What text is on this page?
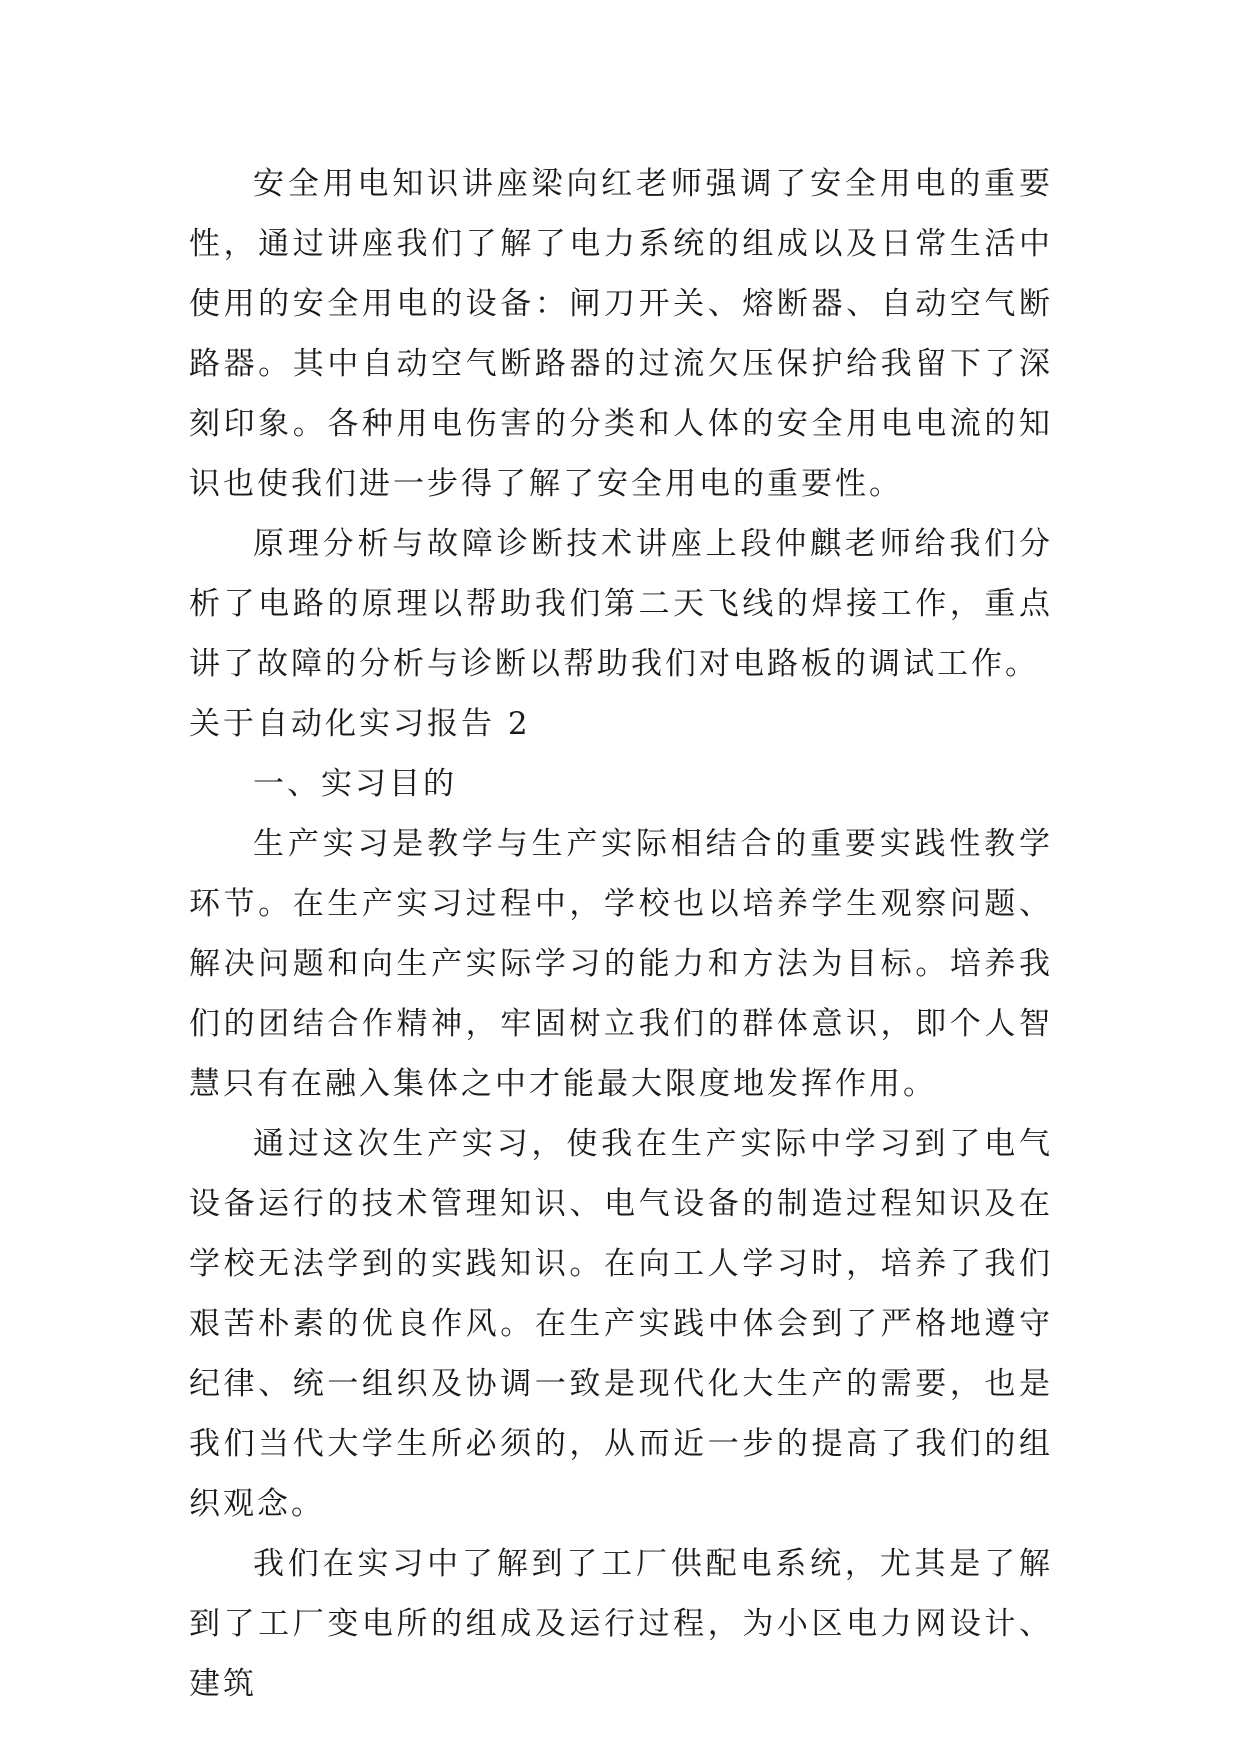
安全用电知识讲座梁向红老师强调了安全用电的重要性，通过讲座我们了解了电力系统的组成以及日常生活中使用的安全用电的设备：闸刀开关、熔断器、自动空气断路器。其中自动空气断路器的过流欠压保护给我留下了深刻印象。各种用电伤害的分类和人体的安全用电电流的知识也使我们进一步得了解了安全用电的重要性。

原理分析与故障诊断技术讲座上段仲麒老师给我们分析了电路的原理以帮助我们第二天飞线的焊接工作，重点讲了故障的分析与诊断以帮助我们对电路板的调试工作。

关于自动化实习报告 2

一、实习目的

生产实习是教学与生产实际相结合的重要实践性教学环节。在生产实习过程中，学校也以培养学生观察问题、解决问题和向生产实际学习的能力和方法为目标。培养我们的团结合作精神，牢固树立我们的群体意识，即个人智慧只有在融入集体之中才能最大限度地发挥作用。

通过这次生产实习，使我在生产实际中学习到了电气设备运行的技术管理知识、电气设备的制造过程知识及在学校无法学到的实践知识。在向工人学习时，培养了我们艰苦朴素的优良作风。在生产实践中体会到了严格地遵守纪律、统一组织及协调一致是现代化大生产的需要，也是我们当代大学生所必须的，从而近一步的提高了我们的组织观念。

我们在实习中了解到了工厂供配电系统，尤其是了解到了工厂变电所的组成及运行过程，为小区电力网设计、建筑
